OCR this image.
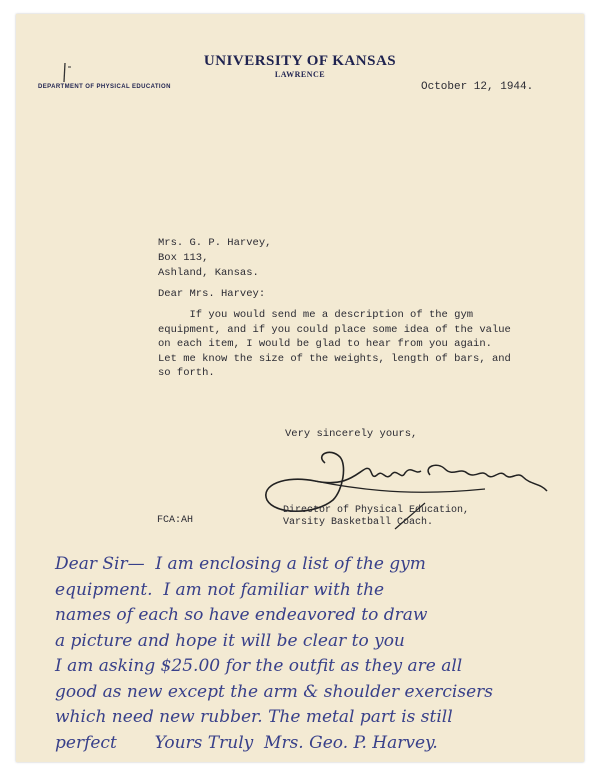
UNIVERSITY OF KANSAS
LAWRENCE
DEPARTMENT OF PHYSICAL EDUCATION	October 12, 1944.
Mrs. G. P. Harvey,
Box 113,
Ashland, Kansas.
Dear Mrs. Harvey:
If you would send me a description of the gym
equipment, and if you could place some idea of the value
on each item, I would be glad to hear from you again.
Let me know the size of the weights, length of bars, and
so forth.
Very sincerely yours,
Director of Physical Education,
Varsity Basketball Coach.
FCA:AH
Dear Sir—  I am enclosing a list of the gym
equipment.  I am not familiar with the
names of each so have endeavored to draw
a picture and hope it will be clear to you
I am asking $25.00 for the outfit as they are all
good as new except the arm & shoulder exercisers
which need new rubber. The metal part is still
perfect       Yours Truly  Mrs. Geo. P. Harvey.
